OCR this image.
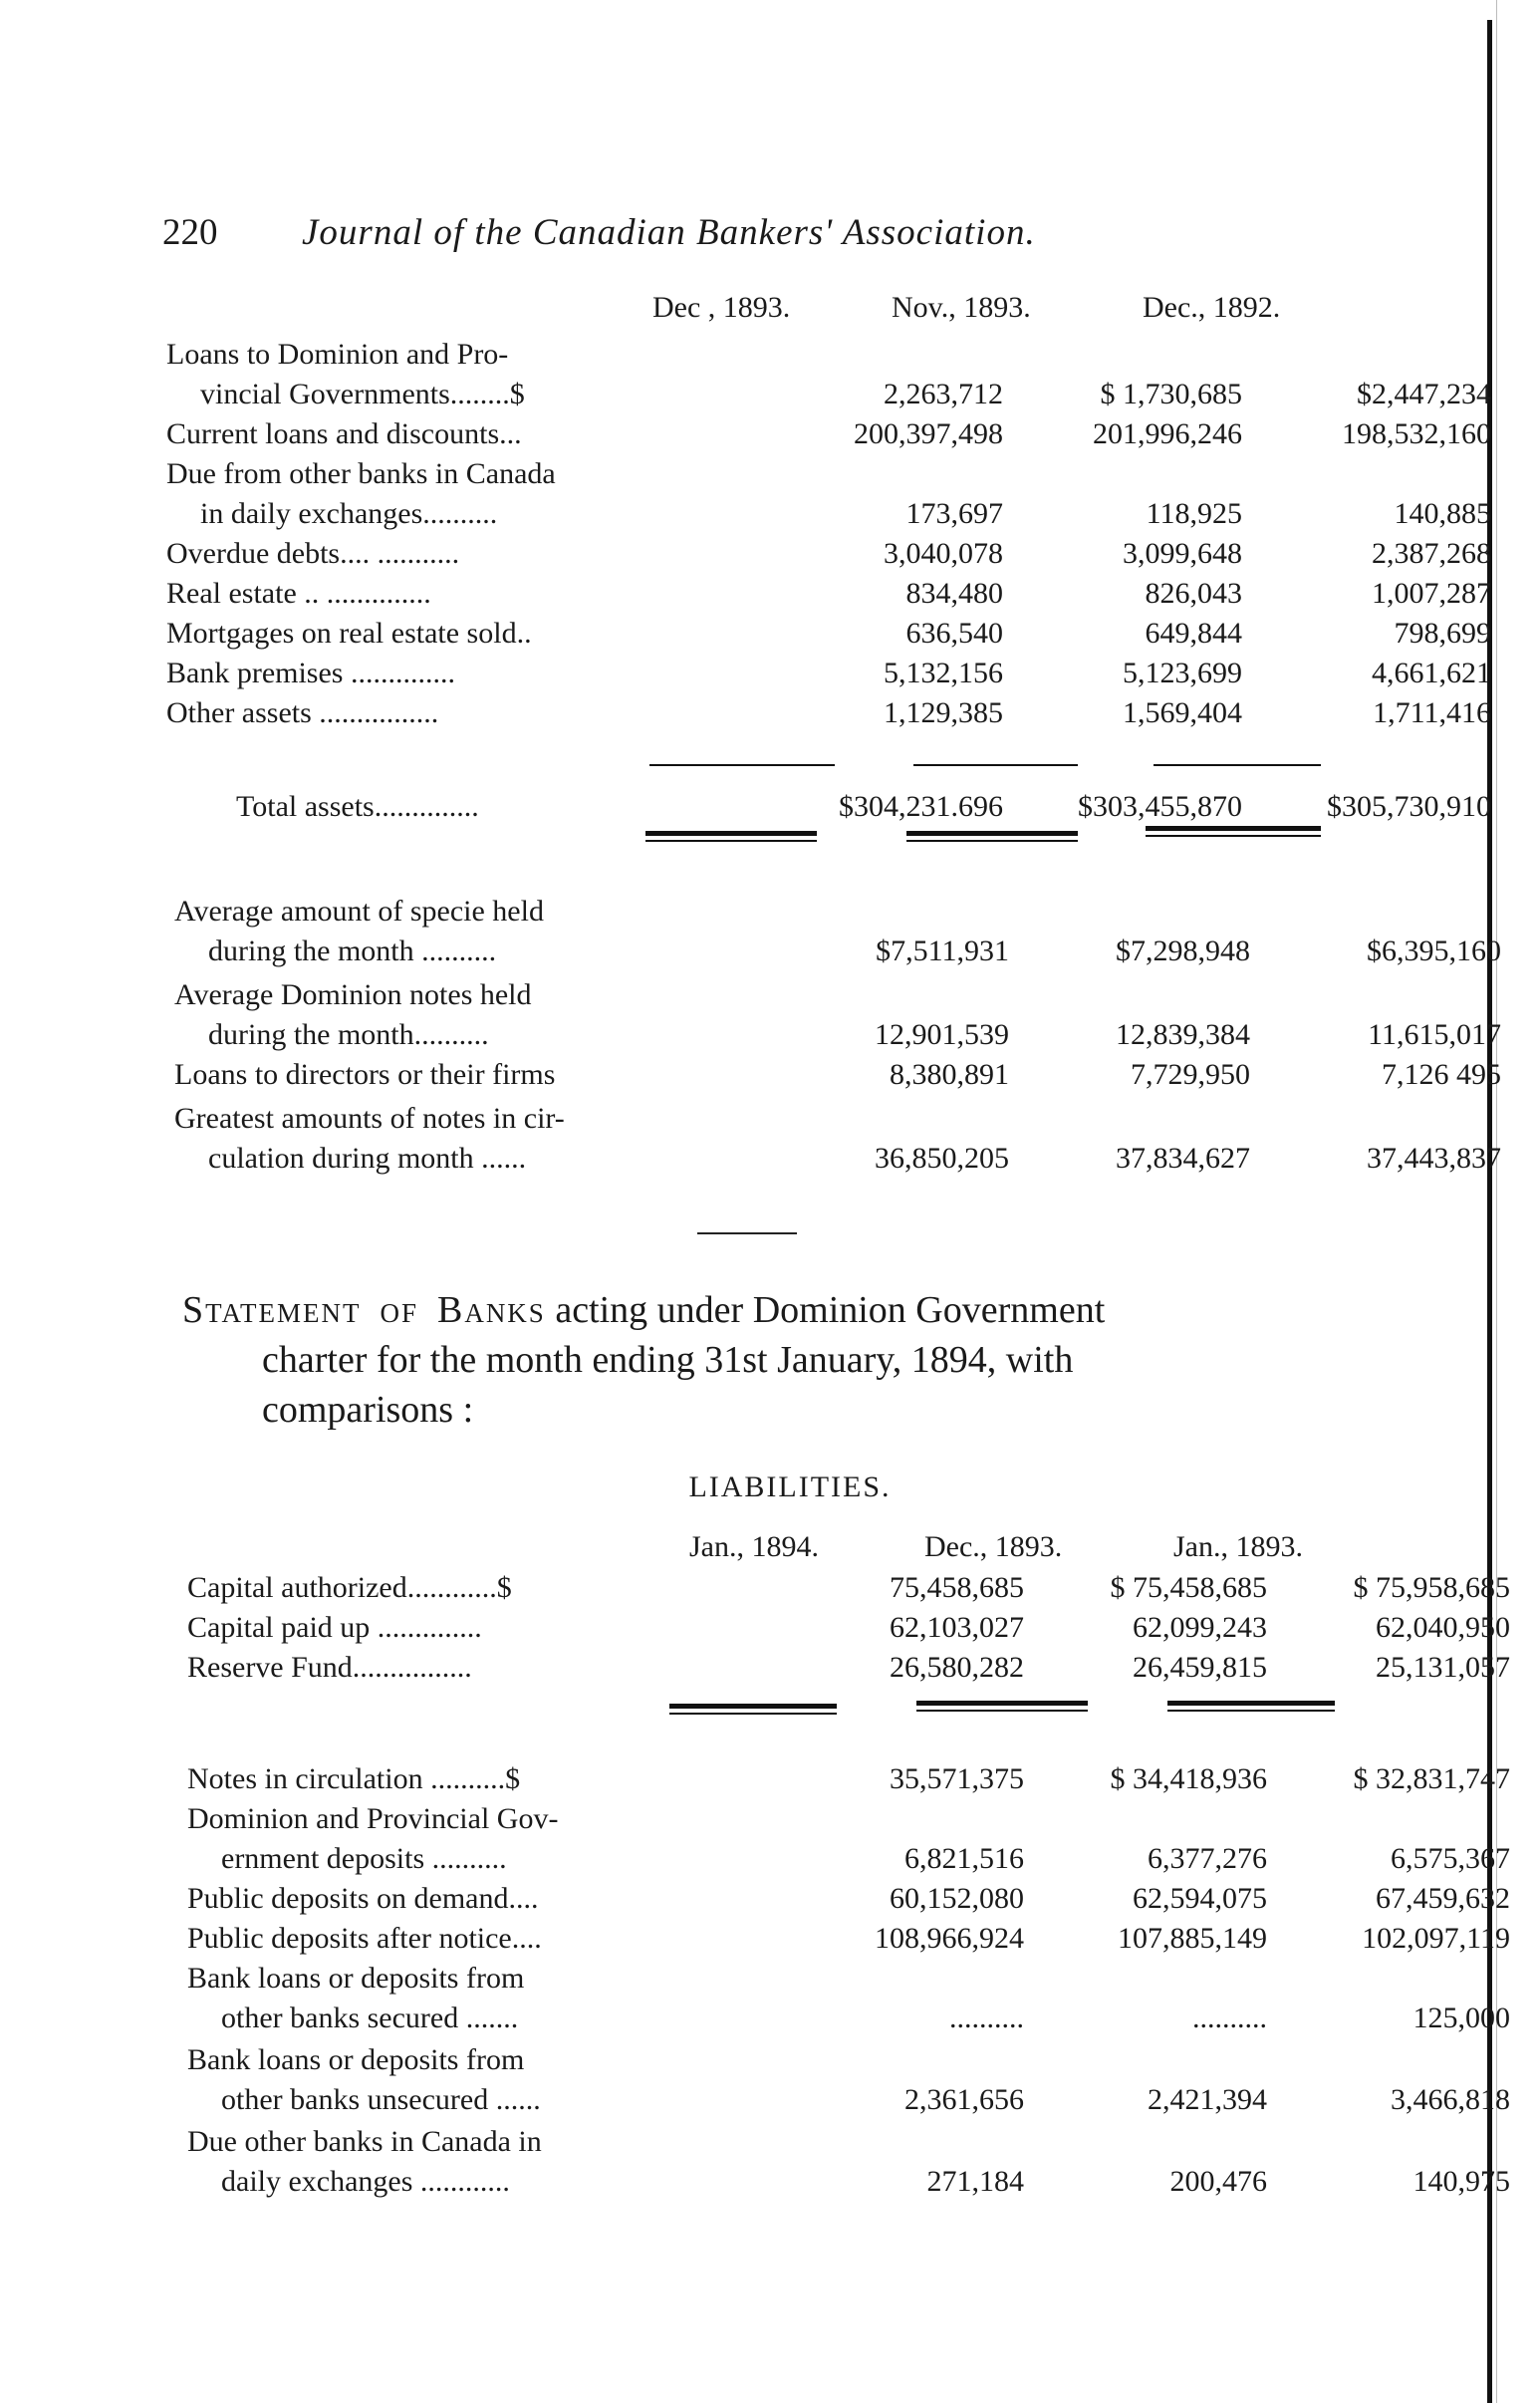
220 Journal of the Canadian Bankers' Association.
Dec , 1893.	Nov., 1893.	Dec., 1892.
Loans to Dominion and Pro-
vincial Governments........$	2,263,712	$ 1,730,685	$2,447,234
Current loans and discounts...	200,397,498	201,996,246	198,532,160
Due from other banks in Canada
in daily exchanges..........	173,697	118,925	140,885
Overdue debts.... ...........	3,040,078	3,099,648	2,387,268
Real estate .. ..............	834,480	826,043	1,007,287
Mortgages on real estate sold..	636,540	649,844	798,699
Bank premises ..............	5,132,156	5,123,699	4,661,621
Other assets ................	1,129,385	1,569,404	1,711,416
Total assets..............	$304,231.696	$303,455,870	$305,730,910
Average amount of specie held
during the month ..........	$7,511,931	$7,298,948	$6,395,160
Average Dominion notes held
during the month..........	12,901,539	12,839,384	11,615,017
Loans to directors or their firms	8,380,891	7,729,950	7,126 495
Greatest amounts of notes in cir-
culation during month ......	36,850,205	37,834,627	37,443,837
Statement of Banks acting under Dominion Government
charter for the month ending 31st January, 1894, with
comparisons :
LIABILITIES.
Jan., 1894.	Dec., 1893.	Jan., 1893.
Capital authorized............$	75,458,685	$ 75,458,685	$ 75,958,685
Capital paid up ..............	62,103,027	62,099,243	62,040,950
Reserve Fund................	26,580,282	26,459,815	25,131,057
Notes in circulation ..........$	35,571,375	$ 34,418,936	$ 32,831,747
Dominion and Provincial Gov-
ernment deposits ..........	6,821,516	6,377,276	6,575,367
Public deposits on demand....	60,152,080	62,594,075	67,459,632
Public deposits after notice....	108,966,924	107,885,149	102,097,119
Bank loans or deposits from
other banks secured .......	..........	..........	125,000
Bank loans or deposits from
other banks unsecured ......	2,361,656	2,421,394	3,466,818
Due other banks in Canada in
daily exchanges ............	271,184	200,476	140,975
